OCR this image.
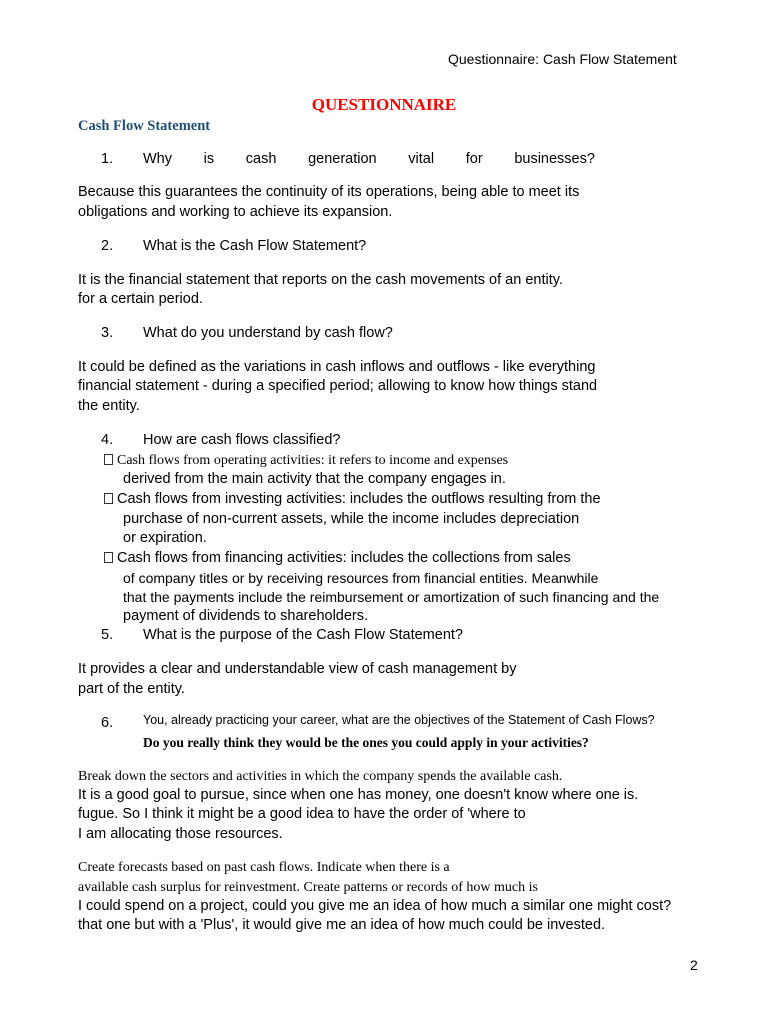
Questionnaire: Cash Flow Statement
QUESTIONNAIRE
Cash Flow Statement
1. Why is cash generation vital for businesses?
Because this guarantees the continuity of its operations, being able to meet its
obligations and working to achieve its expansion.
2. What is the Cash Flow Statement?
It is the financial statement that reports on the cash movements of an entity.
for a certain period.
3. What do you understand by cash flow?
It could be defined as the variations in cash inflows and outflows - like everything
financial statement - during a specified period; allowing to know how things stand
the entity.
4. How are cash flows classified?
Cash flows from operating activities: it refers to income and expenses
derived from the main activity that the company engages in.
Cash flows from investing activities: includes the outflows resulting from the
purchase of non-current assets, while the income includes depreciation
or expiration.
Cash flows from financing activities: includes the collections from sales
of company titles or by receiving resources from financial entities. Meanwhile
that the payments include the reimbursement or amortization of such financing and the
payment of dividends to shareholders.
5. What is the purpose of the Cash Flow Statement?
It provides a clear and understandable view of cash management by
part of the entity.
6. You, already practicing your career, what are the objectives of the Statement of Cash Flows?
Do you really think they would be the ones you could apply in your activities?
Break down the sectors and activities in which the company spends the available cash.
It is a good goal to pursue, since when one has money, one doesn't know where one is.
fugue. So I think it might be a good idea to have the order of 'where to
I am allocating those resources.
Create forecasts based on past cash flows. Indicate when there is a
available cash surplus for reinvestment. Create patterns or records of how much is
I could spend on a project, could you give me an idea of how much a similar one might cost?
that one but with a 'Plus', it would give me an idea of how much could be invested.
2
